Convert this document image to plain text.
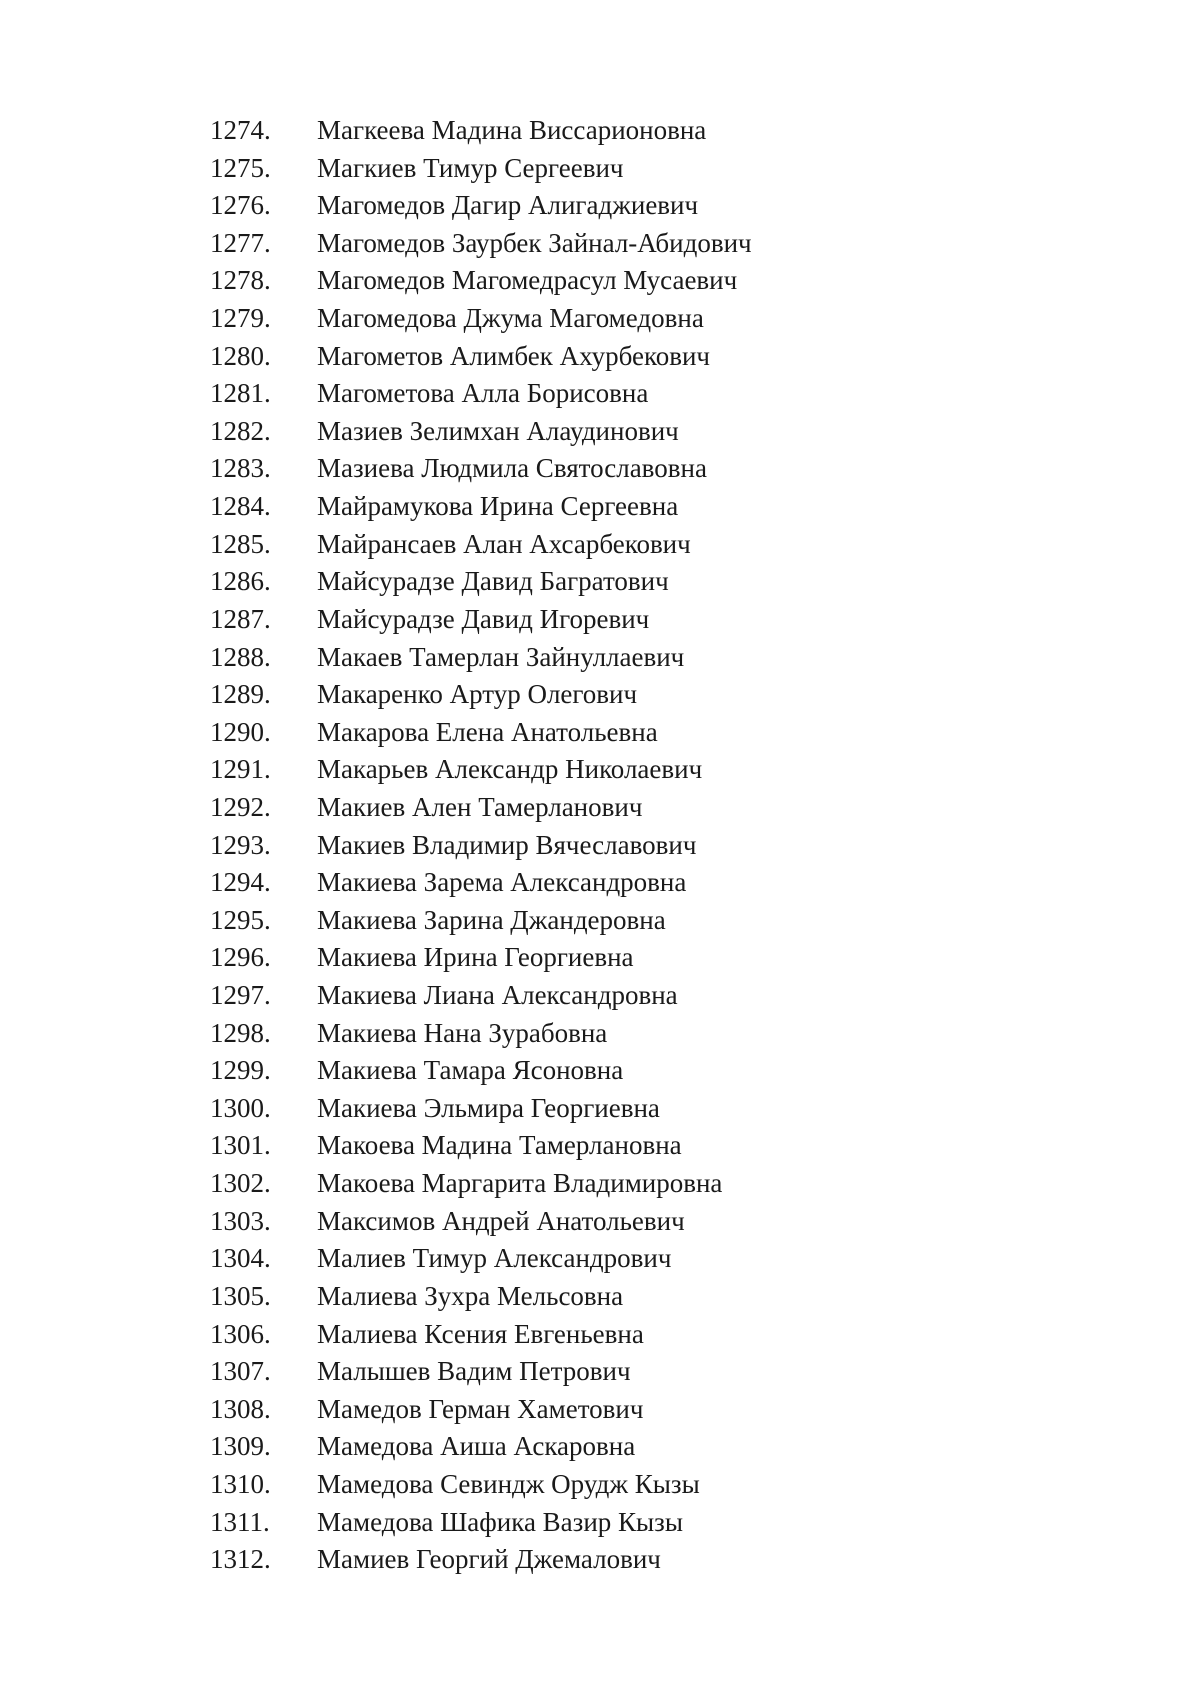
1274.	Магкеева Мадина Виссарионовна
1275.	Магкиев Тимур Сергеевич
1276.	Магомедов Дагир Алигаджиевич
1277.	Магомедов Заурбек Зайнал-Абидович
1278.	Магомедов Магомедрасул Мусаевич
1279.	Магомедова Джума Магомедовна
1280.	Магометов Алимбек Ахурбекович
1281.	Магометова Алла Борисовна
1282.	Мазиев Зелимхан Алаудинович
1283.	Мазиева Людмила Святославовна
1284.	Майрамукова Ирина Сергеевна
1285.	Майрансаев Алан Ахсарбекович
1286.	Майсурадзе Давид Багратович
1287.	Майсурадзе Давид Игоревич
1288.	Макаев Тамерлан Зайнуллаевич
1289.	Макаренко Артур Олегович
1290.	Макарова Елена Анатольевна
1291.	Макарьев Александр Николаевич
1292.	Макиев Ален Тамерланович
1293.	Макиев Владимир Вячеславович
1294.	Макиева Зарема Александровна
1295.	Макиева Зарина Джандеровна
1296.	Макиева Ирина Георгиевна
1297.	Макиева Лиана Александровна
1298.	Макиева Нана Зурабовна
1299.	Макиева Тамара Ясоновна
1300.	Макиева Эльмира Георгиевна
1301.	Макоева Мадина Тамерлановна
1302.	Макоева Маргарита Владимировна
1303.	Максимов Андрей Анатольевич
1304.	Малиев Тимур Александрович
1305.	Малиева Зухра Мельсовна
1306.	Малиева Ксения Евгеньевна
1307.	Малышев Вадим Петрович
1308.	Мамедов Герман Хаметович
1309.	Мамедова Аиша Аскаровна
1310.	Мамедова Севиндж Орудж Кызы
1311.	Мамедова Шафика Вазир Кызы
1312.	Мамиев Георгий Джемалович
